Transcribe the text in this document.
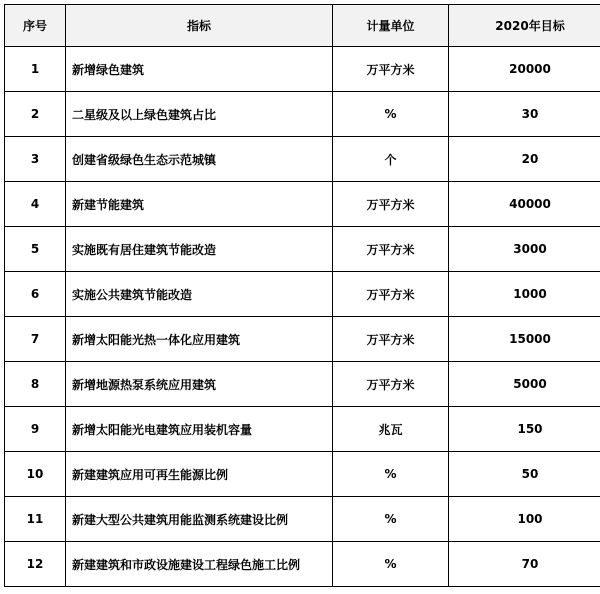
序号	指标	计量单位	2020年目标
1	新增绿色建筑	万平方米	20000
2	二星级及以上绿色建筑占比	%	30
3	创建省级绿色生态示范城镇	个	20
4	新建节能建筑	万平方米	40000
5	实施既有居住建筑节能改造	万平方米	3000
6	实施公共建筑节能改造	万平方米	1000
7	新增太阳能光热一体化应用建筑	万平方米	15000
8	新增地源热泵系统应用建筑	万平方米	5000
9	新增太阳能光电建筑应用装机容量	兆瓦	150
10	新建建筑应用可再生能源比例	%	50
11	新建大型公共建筑用能监测系统建设比例	%	100
12	新建建筑和市政设施建设工程绿色施工比例	%	70
